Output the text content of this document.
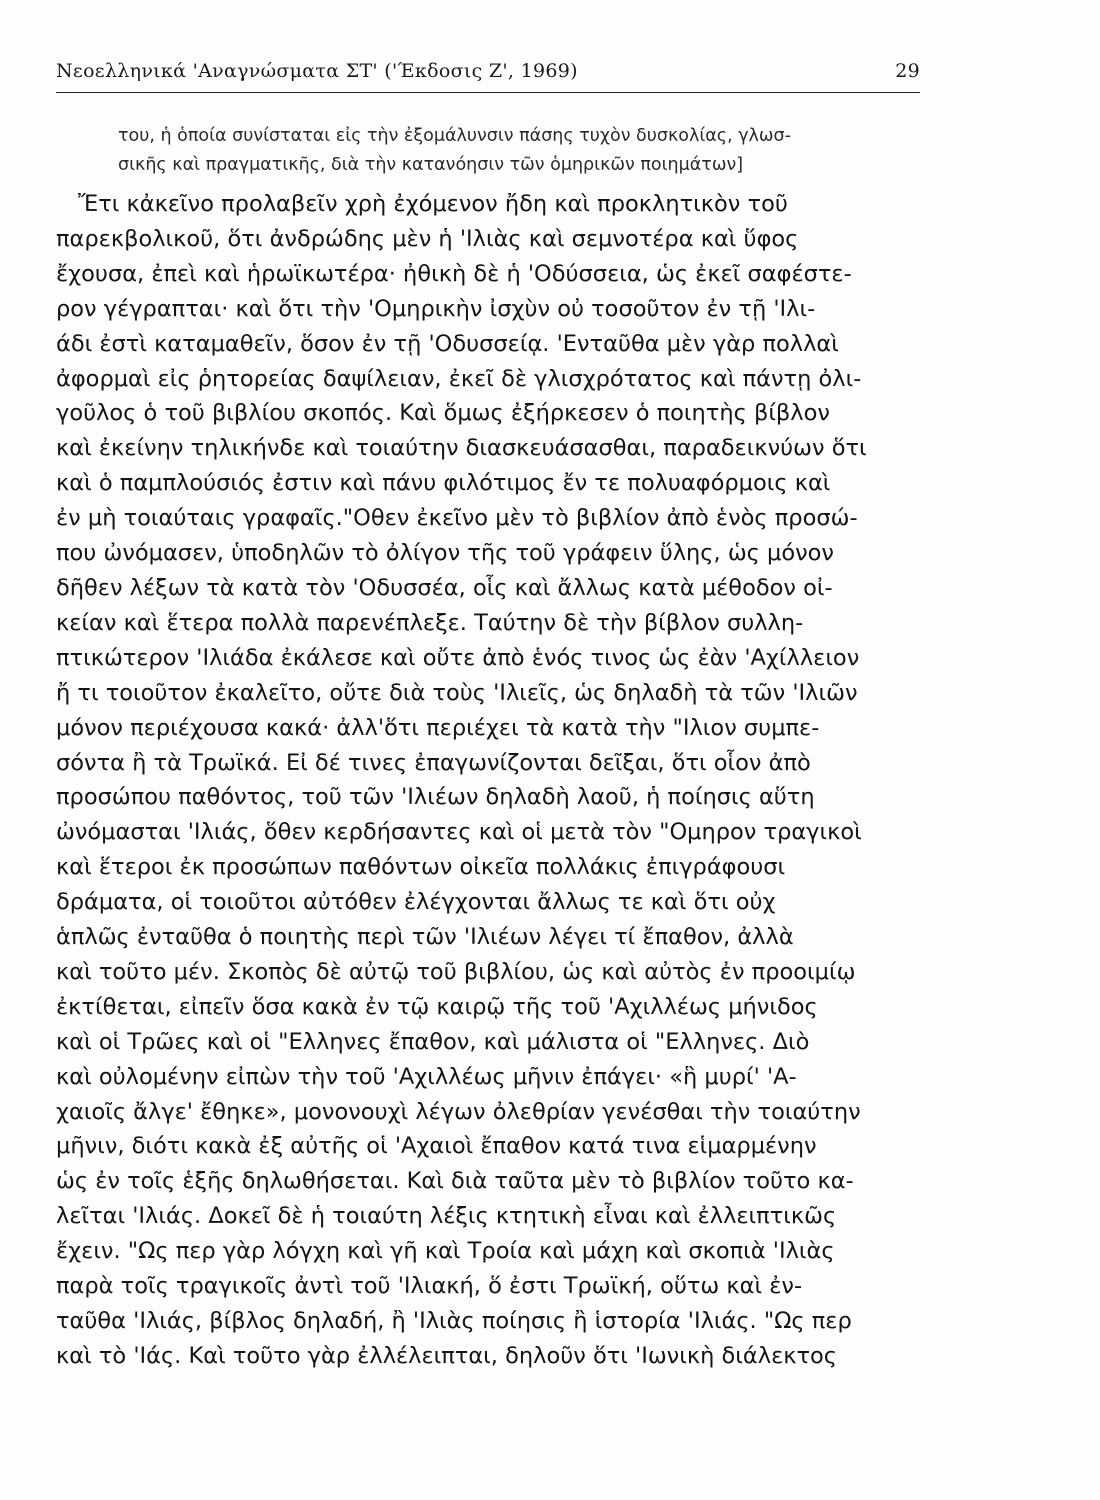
Νεοελληνικά 'Αναγνώσματα ΣΤ' ('Έκδοσις Ζ', 1969)	29
του, ἡ ὁποία συνίσταται εἰς τὴν ἐξομάλυνσιν πάσης τυχὸν δυσκολίας, γλωσ-
σικῆς καὶ πραγματικῆς, διὰ τὴν κατανόησιν τῶν ὁμηρικῶν ποιημάτων]
Ἔτι κἀκεῖνο προλαβεῖν χρὴ ἐχόμενον ἤδη καὶ προκλητικὸν τοῦ
παρεκβολικοῦ, ὅτι ἀνδρώδης μὲν ἡ 'Ιλιὰς καὶ σεμνοτέρα καὶ ὕφος
ἔχουσα, ἐπεὶ καὶ ἡρωϊκωτέρα· ἠθικὴ δὲ ἡ 'Οδύσσεια, ὡς ἐκεῖ σαφέστε-
ρον γέγραπται· καὶ ὅτι τὴν 'Ομηρικὴν ἰσχὺν οὐ τοσοῦτον ἐν τῇ 'Ιλι-
άδι ἐστὶ καταμαθεῖν, ὅσον ἐν τῇ 'Οδυσσείᾳ. 'Ενταῦθα μὲν γὰρ πολλαὶ
ἀφορμαὶ εἰς ῥητορείας δαψίλειαν, ἐκεῖ δὲ γλισχρότατος καὶ πάντῃ ὀλι-
γοῦλος ὁ τοῦ βιβλίου σκοπός. Καὶ ὅμως ἐξήρκεσεν ὁ ποιητὴς βίβλον
καὶ ἐκείνην τηλικήνδε καὶ τοιαύτην διασκευάσασθαι, παραδεικνύων ὅτι
καὶ ὁ παμπλούσιός ἐστιν καὶ πάνυ φιλότιμος ἔν τε πολυαφόρμοις καὶ
ἐν μὴ τοιαύταις γραφαῖς."Οθεν ἐκεῖνο μὲν τὸ βιβλίον ἀπὸ ἑνὸς προσώ-
που ὠνόμασεν, ὑποδηλῶν τὸ ὀλίγον τῆς τοῦ γράφειν ὕλης, ὡς μόνον
δῆθεν λέξων τὰ κατὰ τὸν 'Οδυσσέα, οἷς καὶ ἄλλως κατὰ μέθοδον οἰ-
κείαν καὶ ἕτερα πολλὰ παρενέπλεξε. Ταύτην δὲ τὴν βίβλον συλλη-
πτικώτερον 'Ιλιάδα ἐκάλεσε καὶ οὔτε ἀπὸ ἑνός τινος ὡς ἐὰν 'Αχίλλειον
ἤ τι τοιοῦτον ἐκαλεῖτο, οὔτε διὰ τοὺς 'Ιλιεῖς, ὡς δηλαδὴ τὰ τῶν 'Ιλιῶν
μόνον περιέχουσα κακά· ἀλλ'ὅτι περιέχει τὰ κατὰ τὴν "Ιλιον συμπε-
σόντα ἢ τὰ Τρωϊκά. Εἰ δέ τινες ἐπαγωνίζονται δεῖξαι, ὅτι οἷον ἀπὸ
προσώπου παθόντος, τοῦ τῶν 'Ιλιέων δηλαδὴ λαοῦ, ἡ ποίησις αὕτη
ὠνόμασται 'Ιλιάς, ὅθεν κερδήσαντες καὶ οἱ μετὰ τὸν "Ομηρον τραγικοὶ
καὶ ἕτεροι ἐκ προσώπων παθόντων οἰκεῖα πολλάκις ἐπιγράφουσι
δράματα, οἱ τοιοῦτοι αὐτόθεν ἐλέγχονται ἄλλως τε καὶ ὅτι οὐχ
ἁπλῶς ἐνταῦθα ὁ ποιητὴς περὶ τῶν 'Ιλιέων λέγει τί ἔπαθον, ἀλλὰ
καὶ τοῦτο μέν. Σκοπὸς δὲ αὐτῷ τοῦ βιβλίου, ὡς καὶ αὐτὸς ἐν προοιμίῳ
ἐκτίθεται, εἰπεῖν ὅσα κακὰ ἐν τῷ καιρῷ τῆς τοῦ 'Αχιλλέως μήνιδος
καὶ οἱ Τρῶες καὶ οἱ "Ελληνες ἔπαθον, καὶ μάλιστα οἱ "Ελληνες. Διὸ
καὶ οὐλομένην εἰπὼν τὴν τοῦ 'Αχιλλέως μῆνιν ἐπάγει· «ἣ μυρί' 'Α-
χαιοῖς ἄλγε' ἔθηκε», μονονουχὶ λέγων ὀλεθρίαν γενέσθαι τὴν τοιαύτην
μῆνιν, διότι κακὰ ἐξ αὐτῆς οἱ 'Αχαιοὶ ἔπαθον κατά τινα εἱμαρμένην
ὡς ἐν τοῖς ἑξῆς δηλωθήσεται. Καὶ διὰ ταῦτα μὲν τὸ βιβλίον τοῦτο κα-
λεῖται 'Ιλιάς. Δοκεῖ δὲ ἡ τοιαύτη λέξις κτητικὴ εἶναι καὶ ἐλλειπτικῶς
ἔχειν. "Ως περ γὰρ λόγχη καὶ γῆ καὶ Τροία καὶ μάχη καὶ σκοπιὰ 'Ιλιὰς
παρὰ τοῖς τραγικοῖς ἀντὶ τοῦ 'Ιλιακή, ὅ ἐστι Τρωϊκή, οὕτω καὶ ἐν-
ταῦθα 'Ιλιάς, βίβλος δηλαδή, ἢ 'Ιλιὰς ποίησις ἢ ἱστορία 'Ιλιάς. "Ως περ
καὶ τὸ 'Ιάς. Καὶ τοῦτο γὰρ ἐλλέλειπται, δηλοῦν ὅτι 'Ιωνικὴ διάλεκτος
